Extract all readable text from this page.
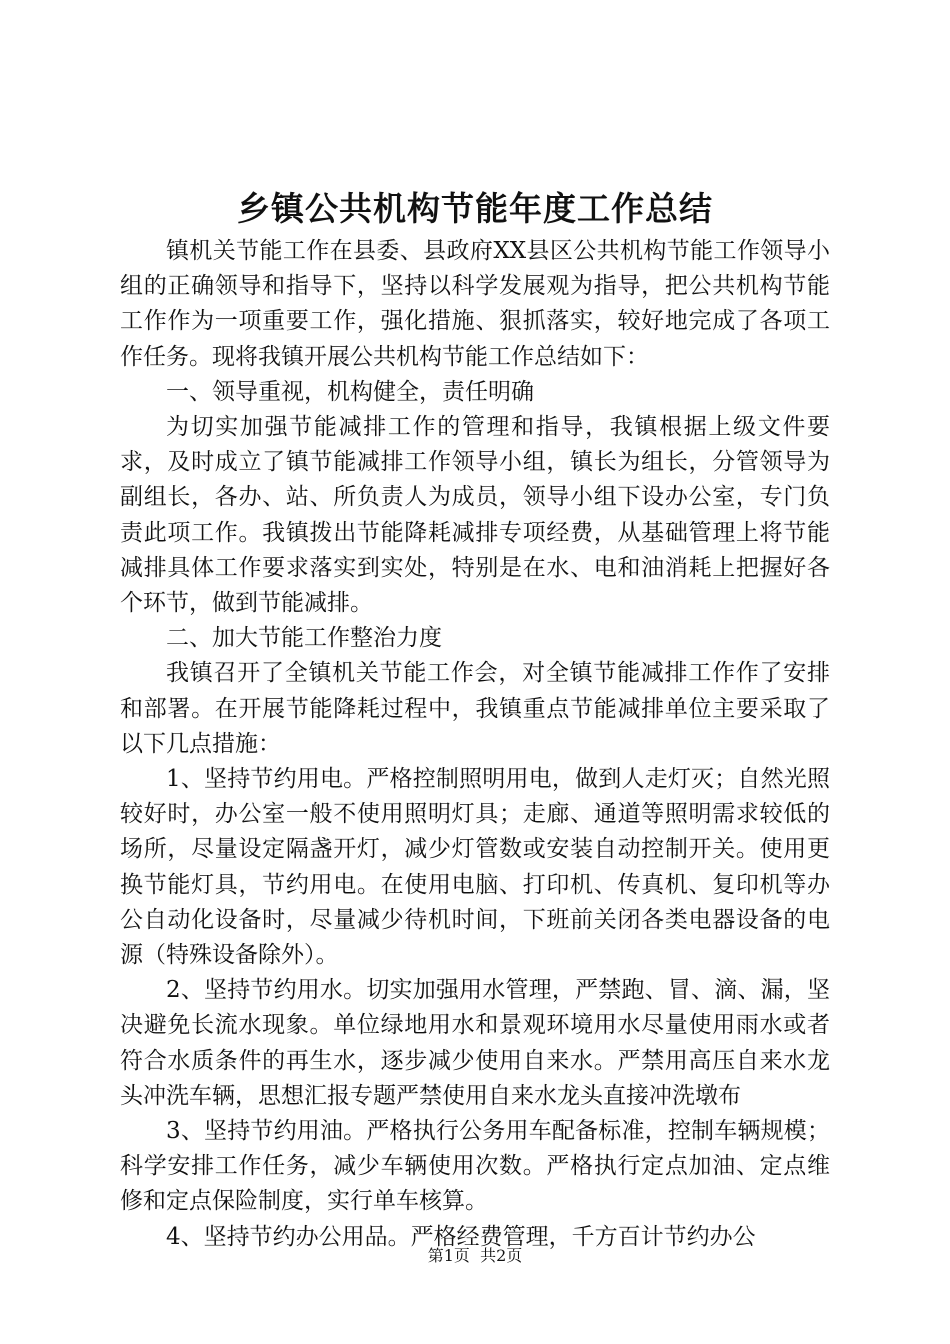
乡镇公共机构节能年度工作总结

镇机关节能工作在县委、县政府XX县区公共机构节能工作领导小组的正确领导和指导下，坚持以科学发展观为指导，把公共机构节能工作作为一项重要工作，强化措施、狠抓落实，较好地完成了各项工作任务。现将我镇开展公共机构节能工作总结如下：

一、领导重视，机构健全，责任明确

为切实加强节能减排工作的管理和指导，我镇根据上级文件要求，及时成立了镇节能减排工作领导小组，镇长为组长，分管领导为副组长，各办、站、所负责人为成员，领导小组下设办公室，专门负责此项工作。我镇拨出节能降耗减排专项经费，从基础管理上将节能减排具体工作要求落实到实处，特别是在水、电和油消耗上把握好各个环节，做到节能减排。

二、加大节能工作整治力度

我镇召开了全镇机关节能工作会，对全镇节能减排工作作了安排和部署。在开展节能降耗过程中，我镇重点节能减排单位主要采取了以下几点措施：

1、坚持节约用电。严格控制照明用电，做到人走灯灭；自然光照较好时，办公室一般不使用照明灯具；走廊、通道等照明需求较低的场所，尽量设定隔盏开灯，减少灯管数或安装自动控制开关。使用更换节能灯具，节约用电。在使用电脑、打印机、传真机、复印机等办公自动化设备时，尽量减少待机时间，下班前关闭各类电器设备的电源（特殊设备除外）。

2、坚持节约用水。切实加强用水管理，严禁跑、冒、滴、漏，坚决避免长流水现象。单位绿地用水和景观环境用水尽量使用雨水或者符合水质条件的再生水，逐步减少使用自来水。严禁用高压自来水龙头冲洗车辆，思想汇报专题严禁使用自来水龙头直接冲洗墩布

3、坚持节约用油。严格执行公务用车配备标准，控制车辆规模；科学安排工作任务，减少车辆使用次数。严格执行定点加油、定点维修和定点保险制度，实行单车核算。

4、坚持节约办公用品。严格经费管理，千方百计节约办公

第1页  共2页
